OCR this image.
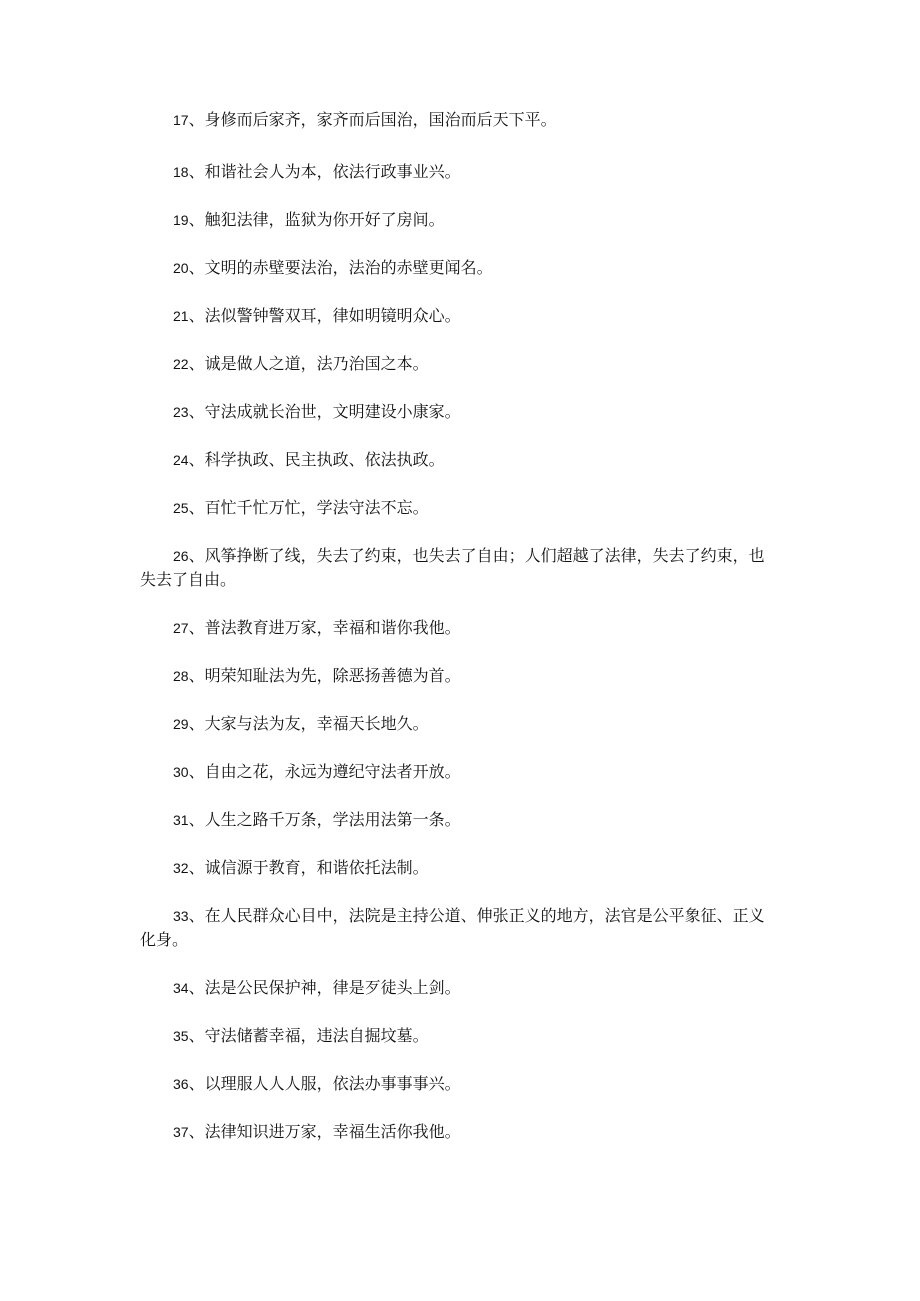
17、身修而后家齐，家齐而后国治，国治而后天下平。

18、和谐社会人为本，依法行政事业兴。

19、触犯法律，监狱为你开好了房间。

20、文明的赤壁要法治，法治的赤壁更闻名。

21、法似警钟警双耳，律如明镜明众心。

22、诚是做人之道，法乃治国之本。

23、守法成就长治世，文明建设小康家。

24、科学执政、民主执政、依法执政。

25、百忙千忙万忙，学法守法不忘。

26、风筝挣断了线，失去了约束，也失去了自由；人们超越了法律，失去了约束，也失去了自由。

27、普法教育进万家，幸福和谐你我他。

28、明荣知耻法为先，除恶扬善德为首。

29、大家与法为友，幸福天长地久。

30、自由之花，永远为遵纪守法者开放。

31、人生之路千万条，学法用法第一条。

32、诚信源于教育，和谐依托法制。

33、在人民群众心目中，法院是主持公道、伸张正义的地方，法官是公平象征、正义化身。

34、法是公民保护神，律是歹徒头上剑。

35、守法储蓄幸福，违法自掘坟墓。

36、以理服人人人服，依法办事事事兴。

37、法律知识进万家，幸福生活你我他。
